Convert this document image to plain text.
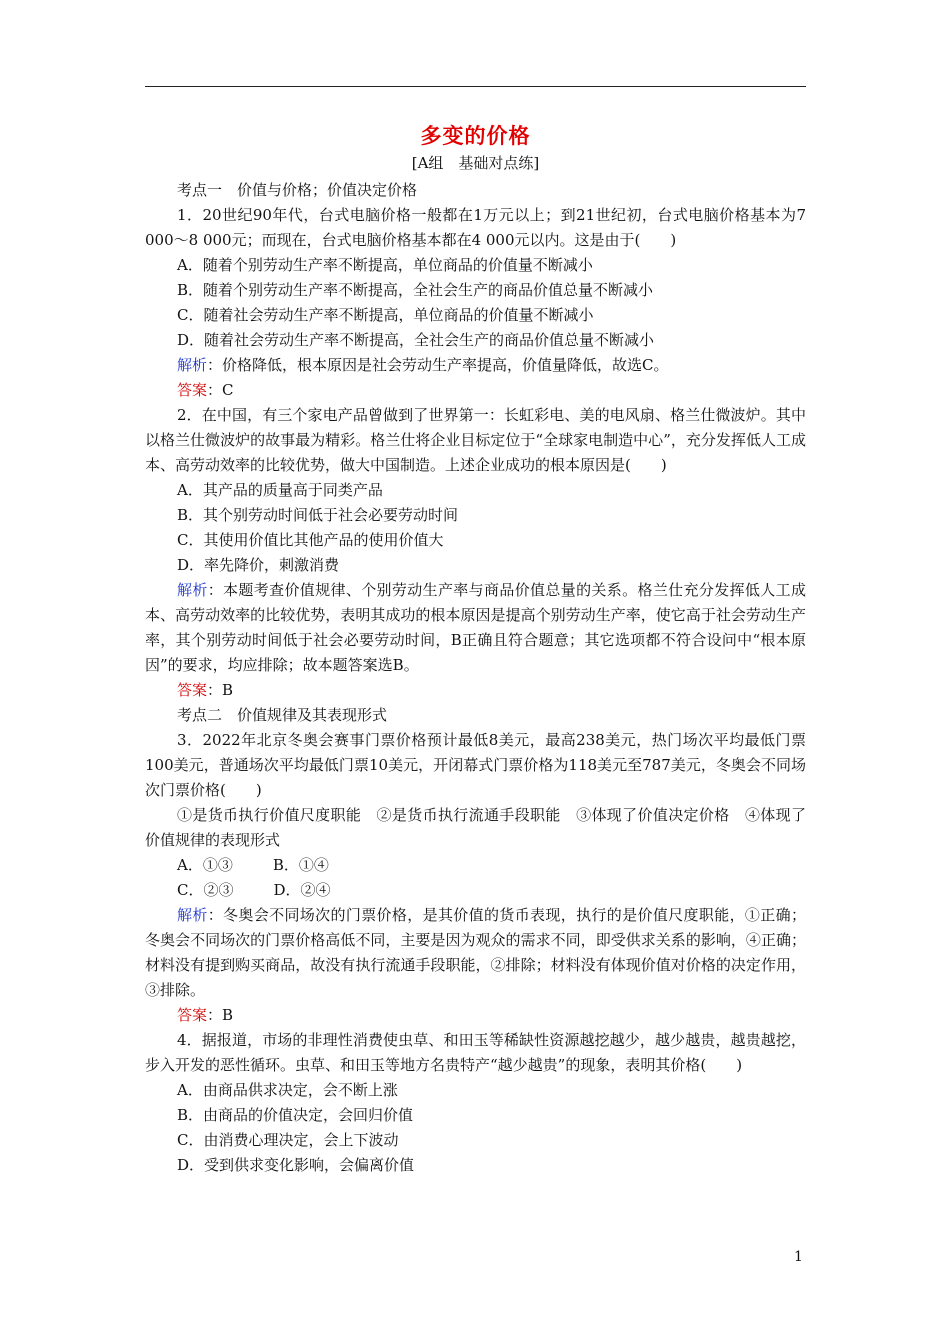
多变的价格
[A组　基础对点练]
考点一　价值与价格；价值决定价格
1．20世纪90年代，台式电脑价格一般都在1万元以上；到21世纪初，台式电脑价格基本为7 000～8 000元；而现在，台式电脑价格基本都在4 000元以内。这是由于(　　)
A．随着个别劳动生产率不断提高，单位商品的价值量不断减小
B．随着个别劳动生产率不断提高，全社会生产的商品价值总量不断减小
C．随着社会劳动生产率不断提高，单位商品的价值量不断减小
D．随着社会劳动生产率不断提高，全社会生产的商品价值总量不断减小
解析：价格降低，根本原因是社会劳动生产率提高，价值量降低，故选C。
答案：C
2．在中国，有三个家电产品曾做到了世界第一：长虹彩电、美的电风扇、格兰仕微波炉。其中以格兰仕微波炉的故事最为精彩。格兰仕将企业目标定位于“全球家电制造中心”，充分发挥低人工成本、高劳动效率的比较优势，做大中国制造。上述企业成功的根本原因是(　　)
A．其产品的质量高于同类产品
B．其个别劳动时间低于社会必要劳动时间
C．其使用价值比其他产品的使用价值大
D．率先降价，刺激消费
解析：本题考查价值规律、个别劳动生产率与商品价值总量的关系。格兰仕充分发挥低人工成本、高劳动效率的比较优势，表明其成功的根本原因是提高个别劳动生产率，使它高于社会劳动生产率，其个别劳动时间低于社会必要劳动时间，B正确且符合题意；其它选项都不符合设问中“根本原因”的要求，均应排除；故本题答案选B。
答案：B
考点二　价值规律及其表现形式
3．2022年北京冬奥会赛事门票价格预计最低8美元，最高238美元，热门场次平均最低门票100美元，普通场次平均最低门票10美元，开闭幕式门票价格为118美元至787美元，冬奥会不同场次门票价格(　　)
①是货币执行价值尺度职能　②是货币执行流通手段职能　③体现了价值决定价格　④体现了价值规律的表现形式
A．①③	B．①④
C．②③	D．②④
解析：冬奥会不同场次的门票价格，是其价值的货币表现，执行的是价值尺度职能，①正确；冬奥会不同场次的门票价格高低不同，主要是因为观众的需求不同，即受供求关系的影响，④正确；材料没有提到购买商品，故没有执行流通手段职能，②排除；材料没有体现价值对价格的决定作用，③排除。
答案：B
4．据报道，市场的非理性消费使虫草、和田玉等稀缺性资源越挖越少，越少越贵，越贵越挖，步入开发的恶性循环。虫草、和田玉等地方名贵特产“越少越贵”的现象，表明其价格(　　)
A．由商品供求决定，会不断上涨
B．由商品的价值决定，会回归价值
C．由消费心理决定，会上下波动
D．受到供求变化影响，会偏离价值
1
